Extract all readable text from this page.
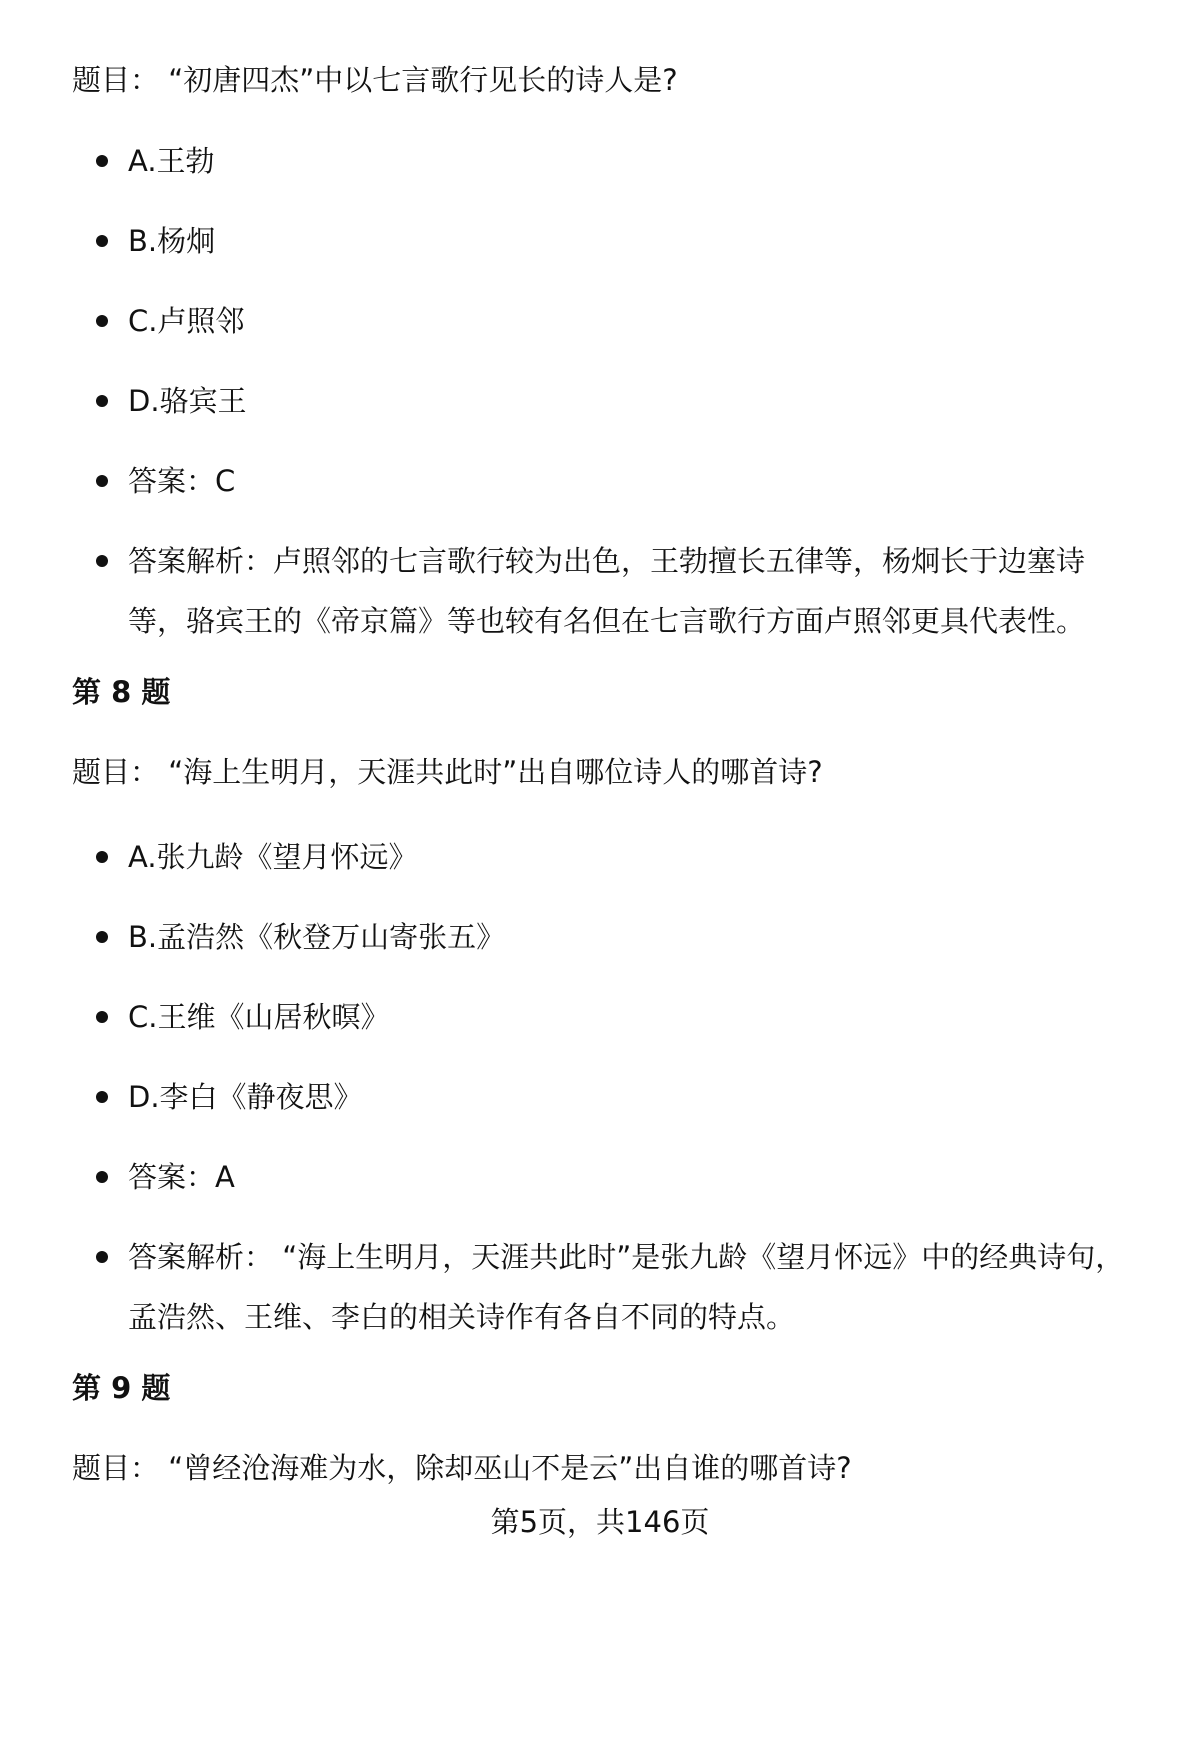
题目： “初唐四杰”中以七言歌行见长的诗人是?
A.王勃
B.杨炯
C.卢照邻
D.骆宾王
答案：C
答案解析：卢照邻的七言歌行较为出色，王勃擅长五律等，杨炯长于边塞诗等，骆宾王的《帝京篇》等也较有名但在七言歌行方面卢照邻更具代表性。
第 8 题
题目： “海上生明月，天涯共此时”出自哪位诗人的哪首诗?
A.张九龄《望月怀远》
B.孟浩然《秋登万山寄张五》
C.王维《山居秋暝》
D.李白《静夜思》
答案：A
答案解析： “海上生明月，天涯共此时”是张九龄《望月怀远》中的经典诗句，孟浩然、王维、李白的相关诗作有各自不同的特点。
第 9 题
题目： “曾经沧海难为水，除却巫山不是云”出自谁的哪首诗?
第5页，共146页
